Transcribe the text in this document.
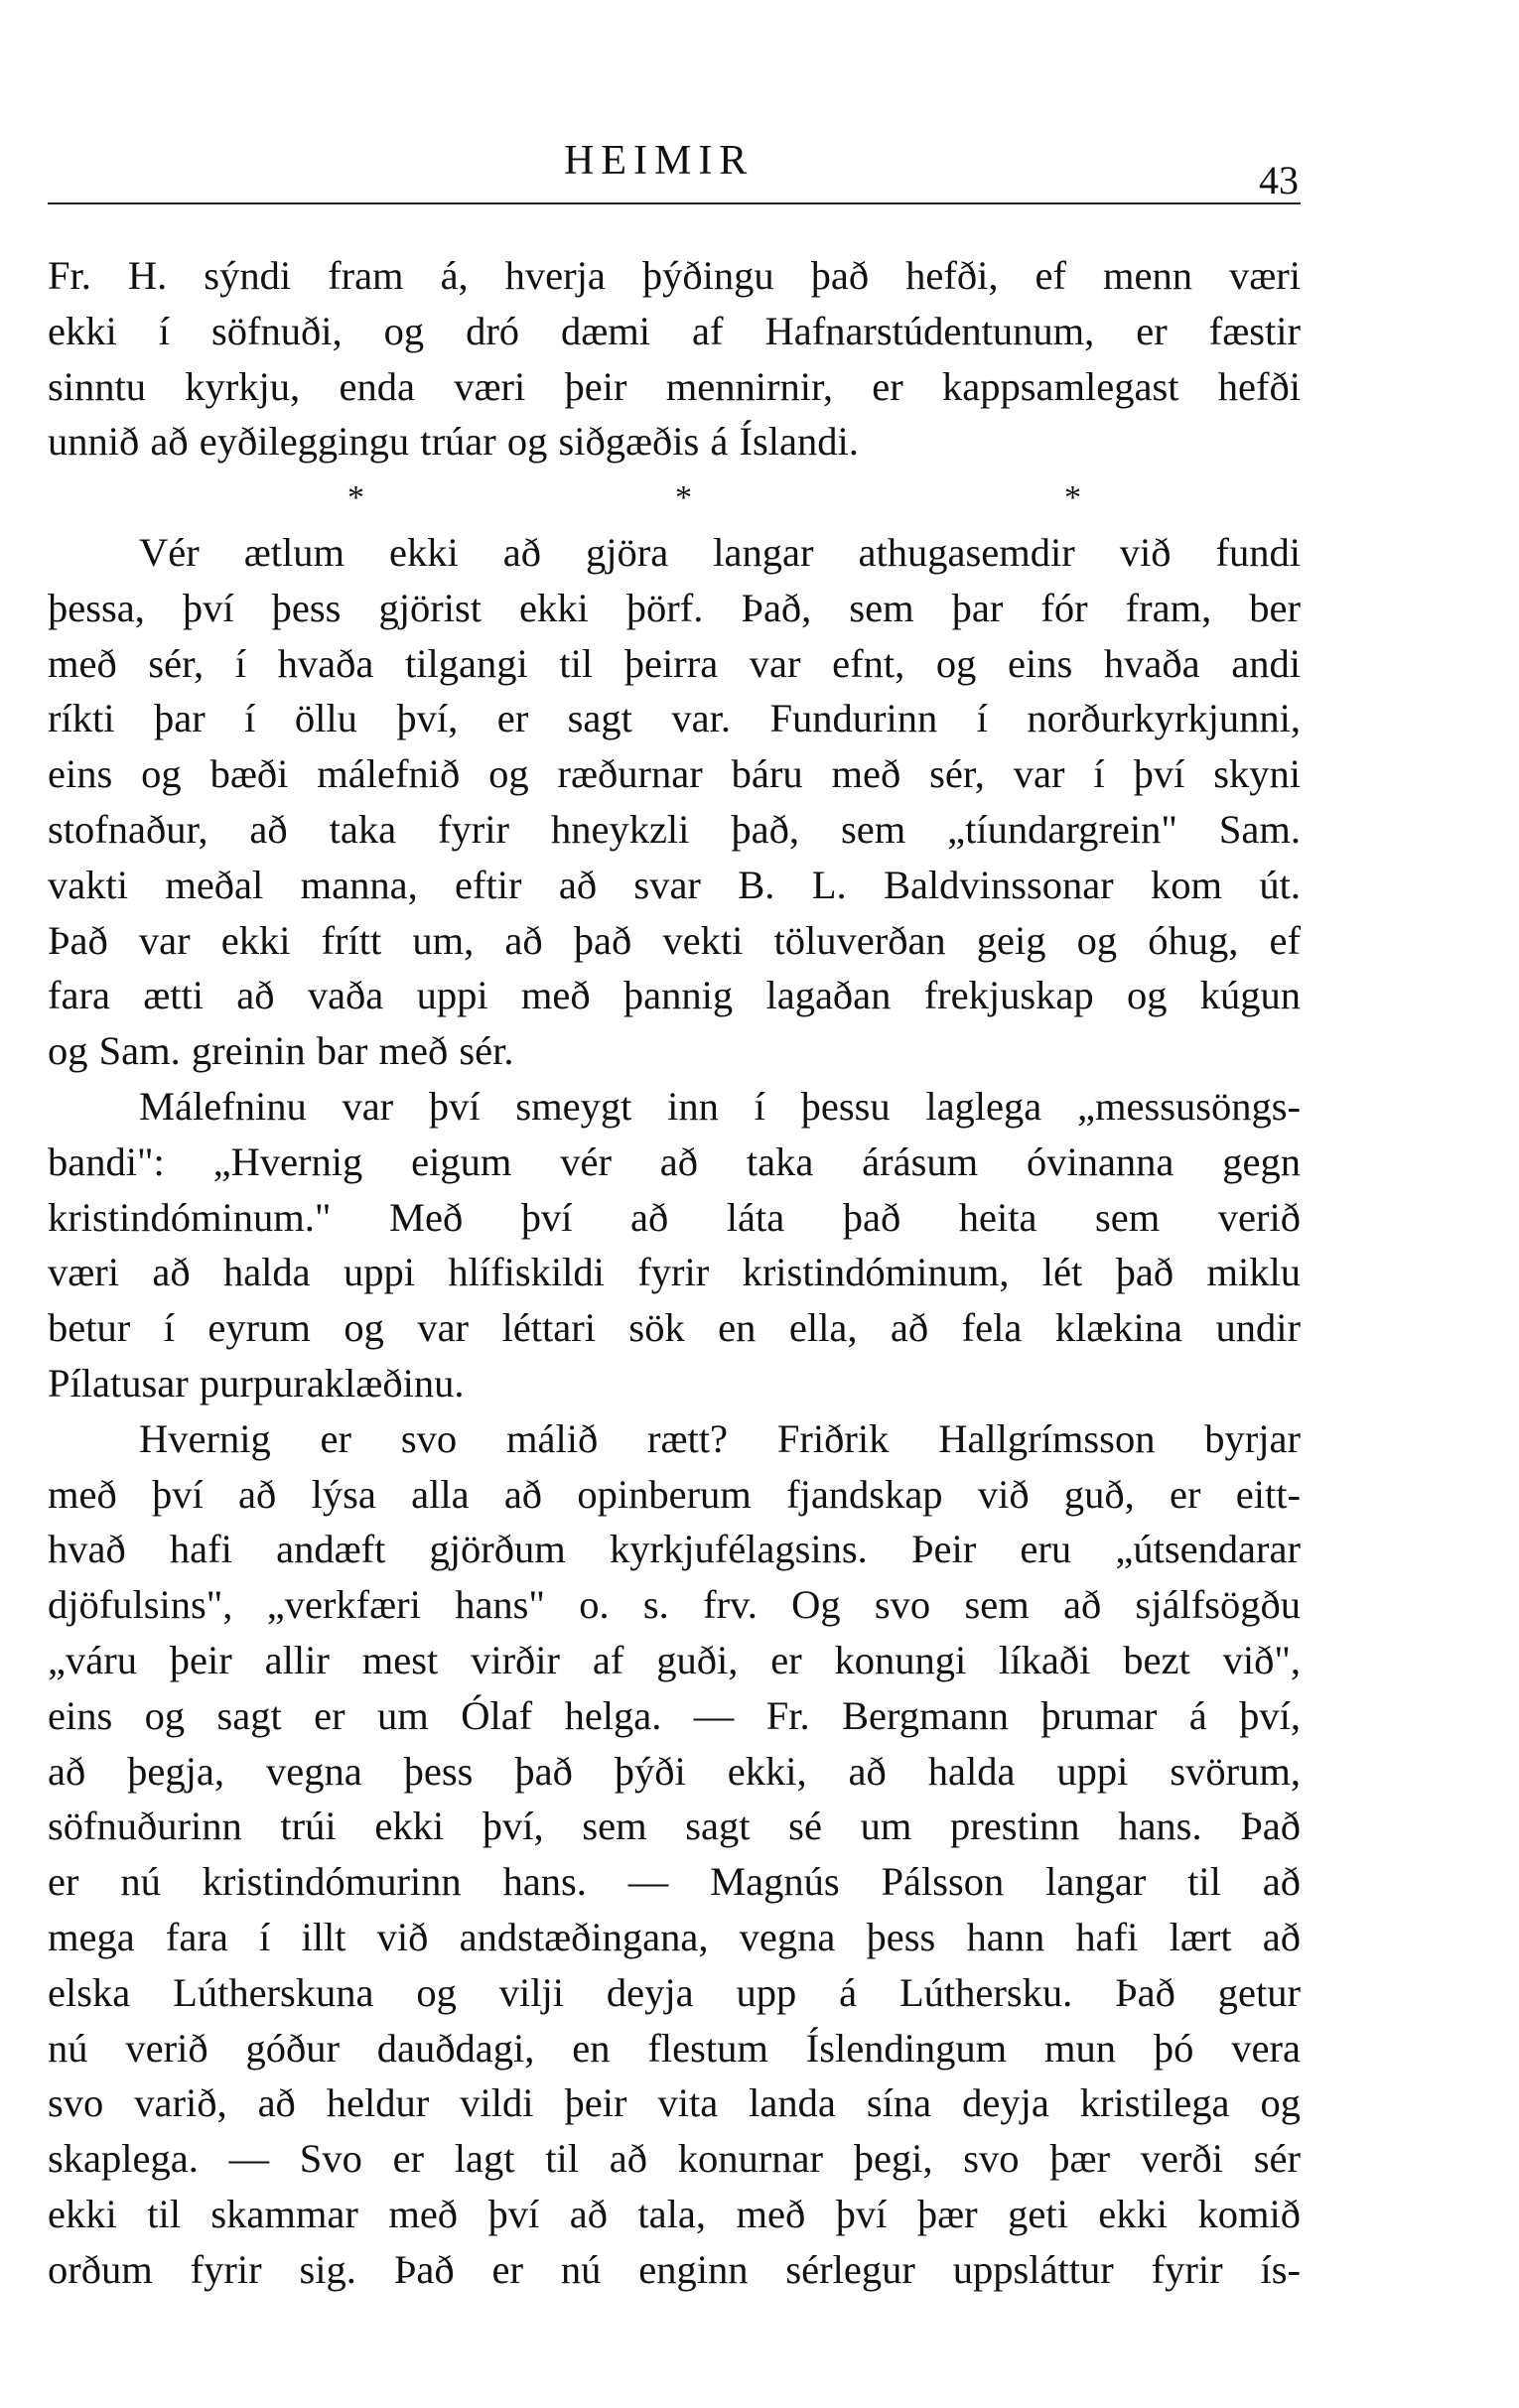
HEIMIR	43
Fr. H. sýndi fram á, hverja þýðingu það hefði, ef menn væri
ekki í söfnuði, og dró dæmi af Hafnarstúdentunum, er fæstir
sinntu kyrkju, enda væri þeir mennirnir, er kappsamlegast hefði
unnið að eyðileggingu trúar og siðgæðis á Íslandi.
*	*	*
Vér ætlum ekki að gjöra langar athugasemdir við fundi
þessa, því þess gjörist ekki þörf. Það, sem þar fór fram, ber
með sér, í hvaða tilgangi til þeirra var efnt, og eins hvaða andi
ríkti þar í öllu því, er sagt var. Fundurinn í norðurkyrkjunni,
eins og bæði málefnið og ræðurnar báru með sér, var í því skyni
stofnaður, að taka fyrir hneykzli það, sem „tíundargrein" Sam.
vakti meðal manna, eftir að svar B. L. Baldvinssonar kom út.
Það var ekki frítt um, að það vekti töluverðan geig og óhug, ef
fara ætti að vaða uppi með þannig lagaðan frekjuskap og kúgun
og Sam. greinin bar með sér.
Málefninu var því smeygt inn í þessu laglega „messusöngs-
bandi": „Hvernig eigum vér að taka árásum óvinanna gegn
kristindóminum." Með því að láta það heita sem verið
væri að halda uppi hlífiskildi fyrir kristindóminum, lét það miklu
betur í eyrum og var léttari sök en ella, að fela klækina undir
Pílatusar purpuraklæðinu.
Hvernig er svo málið rætt? Friðrik Hallgrímsson byrjar
með því að lýsa alla að opinberum fjandskap við guð, er eitt-
hvað hafi andæft gjörðum kyrkjufélagsins. Þeir eru „útsendarar
djöfulsins", „verkfæri hans" o. s. frv. Og svo sem að sjálfsögðu
„váru þeir allir mest virðir af guði, er konungi líkaði bezt við",
eins og sagt er um Ólaf helga. — Fr. Bergmann þrumar á því,
að þegja, vegna þess það þýði ekki, að halda uppi svörum,
söfnuðurinn trúi ekki því, sem sagt sé um prestinn hans. Það
er nú kristindómurinn hans. — Magnús Pálsson langar til að
mega fara í illt við andstæðingana, vegna þess hann hafi lært að
elska Lútherskuna og vilji deyja upp á Lúthersku. Það getur
nú verið góður dauðdagi, en flestum Íslendingum mun þó vera
svo varið, að heldur vildi þeir vita landa sína deyja kristilega og
skaplega. — Svo er lagt til að konurnar þegi, svo þær verði sér
ekki til skammar með því að tala, með því þær geti ekki komið
orðum fyrir sig. Það er nú enginn sérlegur uppsláttur fyrir ís-
